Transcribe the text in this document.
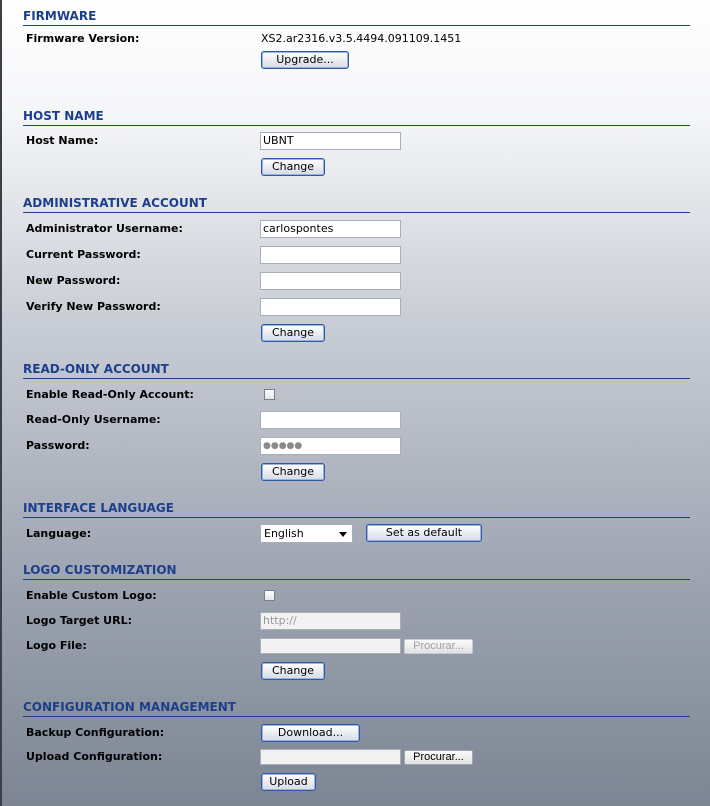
FIRMWARE
Firmware Version:	XS2.ar2316.v3.5.4494.091109.1451
Upgrade...
HOST NAME
Host Name:	UBNT
Change
ADMINISTRATIVE ACCOUNT
Administrator Username:	carlospontes
Current Password:
New Password:
Verify New Password:
Change
READ-ONLY ACCOUNT
Enable Read-Only Account:
Read-Only Username:
Password:	●●●●●
Change
INTERFACE LANGUAGE
Language:	English	Set as default
LOGO CUSTOMIZATION
Enable Custom Logo:
Logo Target URL:	http://
Logo File:	Procurar...
Change
CONFIGURATION MANAGEMENT
Backup Configuration:	Download...
Upload Configuration:	Procurar...
Upload
